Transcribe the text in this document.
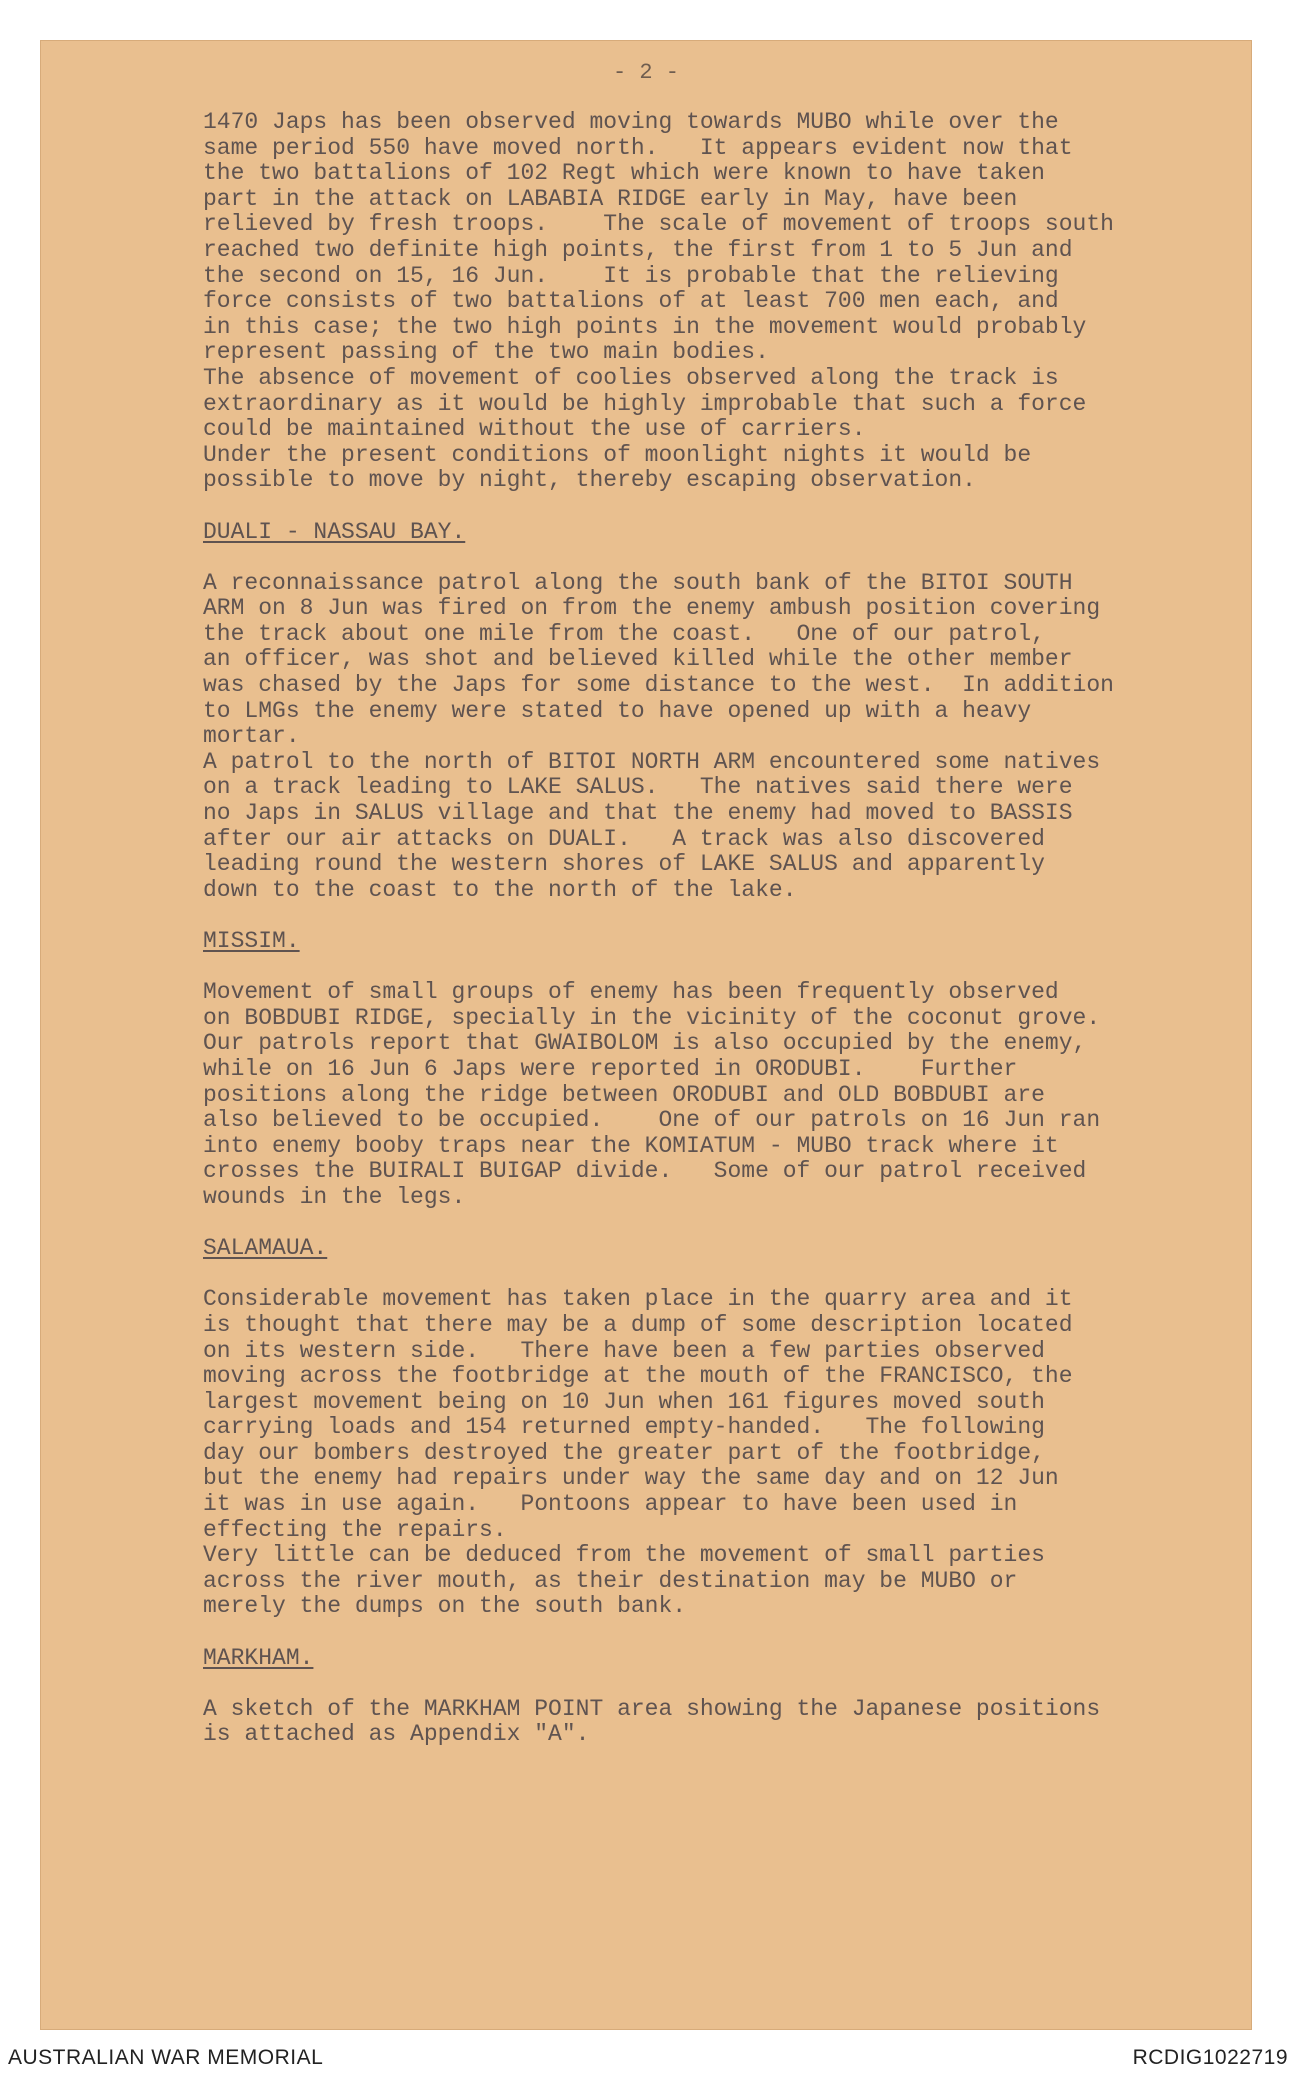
- 2 -
1470 Japs has been observed moving towards MUBO while over the
same period 550 have moved north.   It appears evident now that
the two battalions of 102 Regt which were known to have taken
part in the attack on LABABIA RIDGE early in May, have been
relieved by fresh troops.    The scale of movement of troops south
reached two definite high points, the first from 1 to 5 Jun and
the second on 15, 16 Jun.    It is probable that the relieving
force consists of two battalions of at least 700 men each, and
in this case; the two high points in the movement would probably
represent passing of the two main bodies.
The absence of movement of coolies observed along the track is
extraordinary as it would be highly improbable that such a force
could be maintained without the use of carriers.
Under the present conditions of moonlight nights it would be
possible to move by night, thereby escaping observation.
DUALI - NASSAU BAY.
A reconnaissance patrol along the south bank of the BITOI SOUTH
ARM on 8 Jun was fired on from the enemy ambush position covering
the track about one mile from the coast.   One of our patrol,
an officer, was shot and believed killed while the other member
was chased by the Japs for some distance to the west.  In addition
to LMGs the enemy were stated to have opened up with a heavy
mortar.
A patrol to the north of BITOI NORTH ARM encountered some natives
on a track leading to LAKE SALUS.   The natives said there were
no Japs in SALUS village and that the enemy had moved to BASSIS
after our air attacks on DUALI.   A track was also discovered
leading round the western shores of LAKE SALUS and apparently
down to the coast to the north of the lake.
MISSIM.
Movement of small groups of enemy has been frequently observed
on BOBDUBI RIDGE, specially in the vicinity of the coconut grove.
Our patrols report that GWAIBOLOM is also occupied by the enemy,
while on 16 Jun 6 Japs were reported in ORODUBI.    Further
positions along the ridge between ORODUBI and OLD BOBDUBI are
also believed to be occupied.    One of our patrols on 16 Jun ran
into enemy booby traps near the KOMIATUM - MUBO track where it
crosses the BUIRALI BUIGAP divide.   Some of our patrol received
wounds in the legs.
SALAMAUA.
Considerable movement has taken place in the quarry area and it
is thought that there may be a dump of some description located
on its western side.   There have been a few parties observed
moving across the footbridge at the mouth of the FRANCISCO, the
largest movement being on 10 Jun when 161 figures moved south
carrying loads and 154 returned empty-handed.   The following
day our bombers destroyed the greater part of the footbridge,
but the enemy had repairs under way the same day and on 12 Jun
it was in use again.   Pontoons appear to have been used in
effecting the repairs.
Very little can be deduced from the movement of small parties
across the river mouth, as their destination may be MUBO or
merely the dumps on the south bank.
MARKHAM.
A sketch of the MARKHAM POINT area showing the Japanese positions
is attached as Appendix "A".
AUSTRALIAN WAR MEMORIAL	RCDIG1022719
